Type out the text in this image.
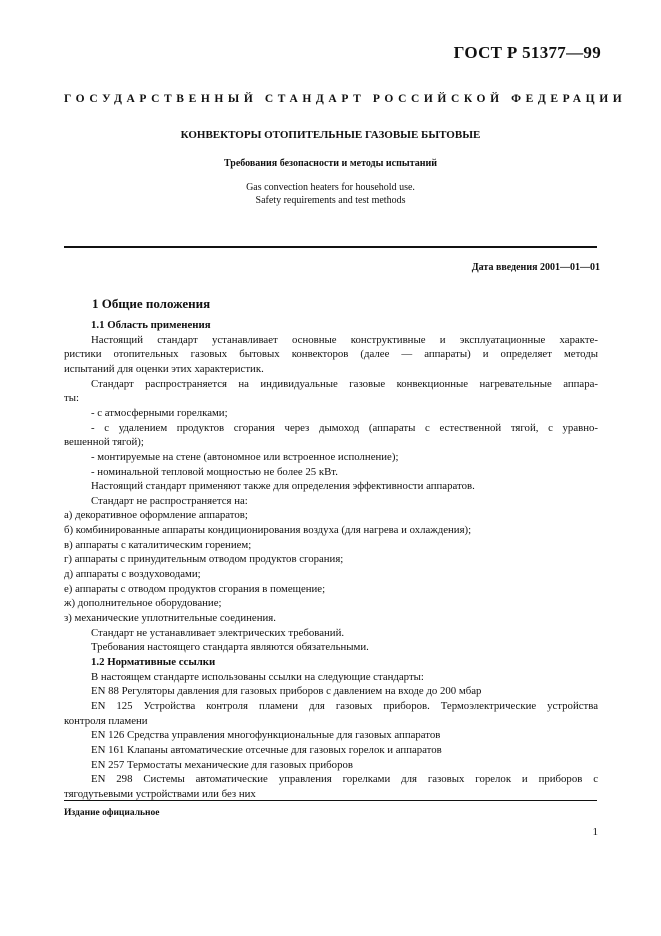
ГОСТ Р 51377—99
ГОСУДАРСТВЕННЫЙ СТАНДАРТ РОССИЙСКОЙ ФЕДЕРАЦИИ
КОНВЕКТОРЫ ОТОПИТЕЛЬНЫЕ ГАЗОВЫЕ БЫТОВЫЕ
Требования безопасности и методы испытаний
Gas convection heaters for household use.
Safety requirements and test methods
Дата введения 2001—01—01
1 Общие положения
1.1 Область применения
Настоящий стандарт устанавливает основные конструктивные и эксплуатационные характе-
ристики отопительных газовых бытовых конвекторов (далее — аппараты) и определяет методы
испытаний для оценки этих характеристик.
Стандарт распространяется на индивидуальные газовые конвекционные нагревательные аппара-
ты:
- с атмосферными горелками;
- с удалением продуктов сгорания через дымоход (аппараты с естественной тягой, с уравно-
вешенной тягой);
- монтируемые на стене (автономное или встроенное исполнение);
- номинальной тепловой мощностью не более 25 кВт.
Настоящий стандарт применяют также для определения эффективности аппаратов.
Стандарт не распространяется на:
а) декоративное оформление аппаратов;
б) комбинированные аппараты кондиционирования воздуха (для нагрева и охлаждения);
в) аппараты с каталитическим горением;
г) аппараты с принудительным отводом продуктов сгорания;
д) аппараты с воздуховодами;
е) аппараты с отводом продуктов сгорания в помещение;
ж) дополнительное оборудование;
з) механические уплотнительные соединения.
Стандарт не устанавливает электрических требований.
Требования настоящего стандарта являются обязательными.
1.2 Нормативные ссылки
В настоящем стандарте использованы ссылки на следующие стандарты:
EN 88 Регуляторы давления для газовых приборов с давлением на входе до 200 мбар
EN 125 Устройства контроля пламени для газовых приборов. Термоэлектрические устройства
контроля пламени
EN 126 Средства управления многофункциональные для газовых аппаратов
EN 161 Клапаны автоматические отсечные для газовых горелок и аппаратов
EN 257 Термостаты механические для газовых приборов
EN 298 Системы автоматические управления горелками для газовых горелок и приборов с
тягодутьевыми устройствами или без них
Издание официальное
1
